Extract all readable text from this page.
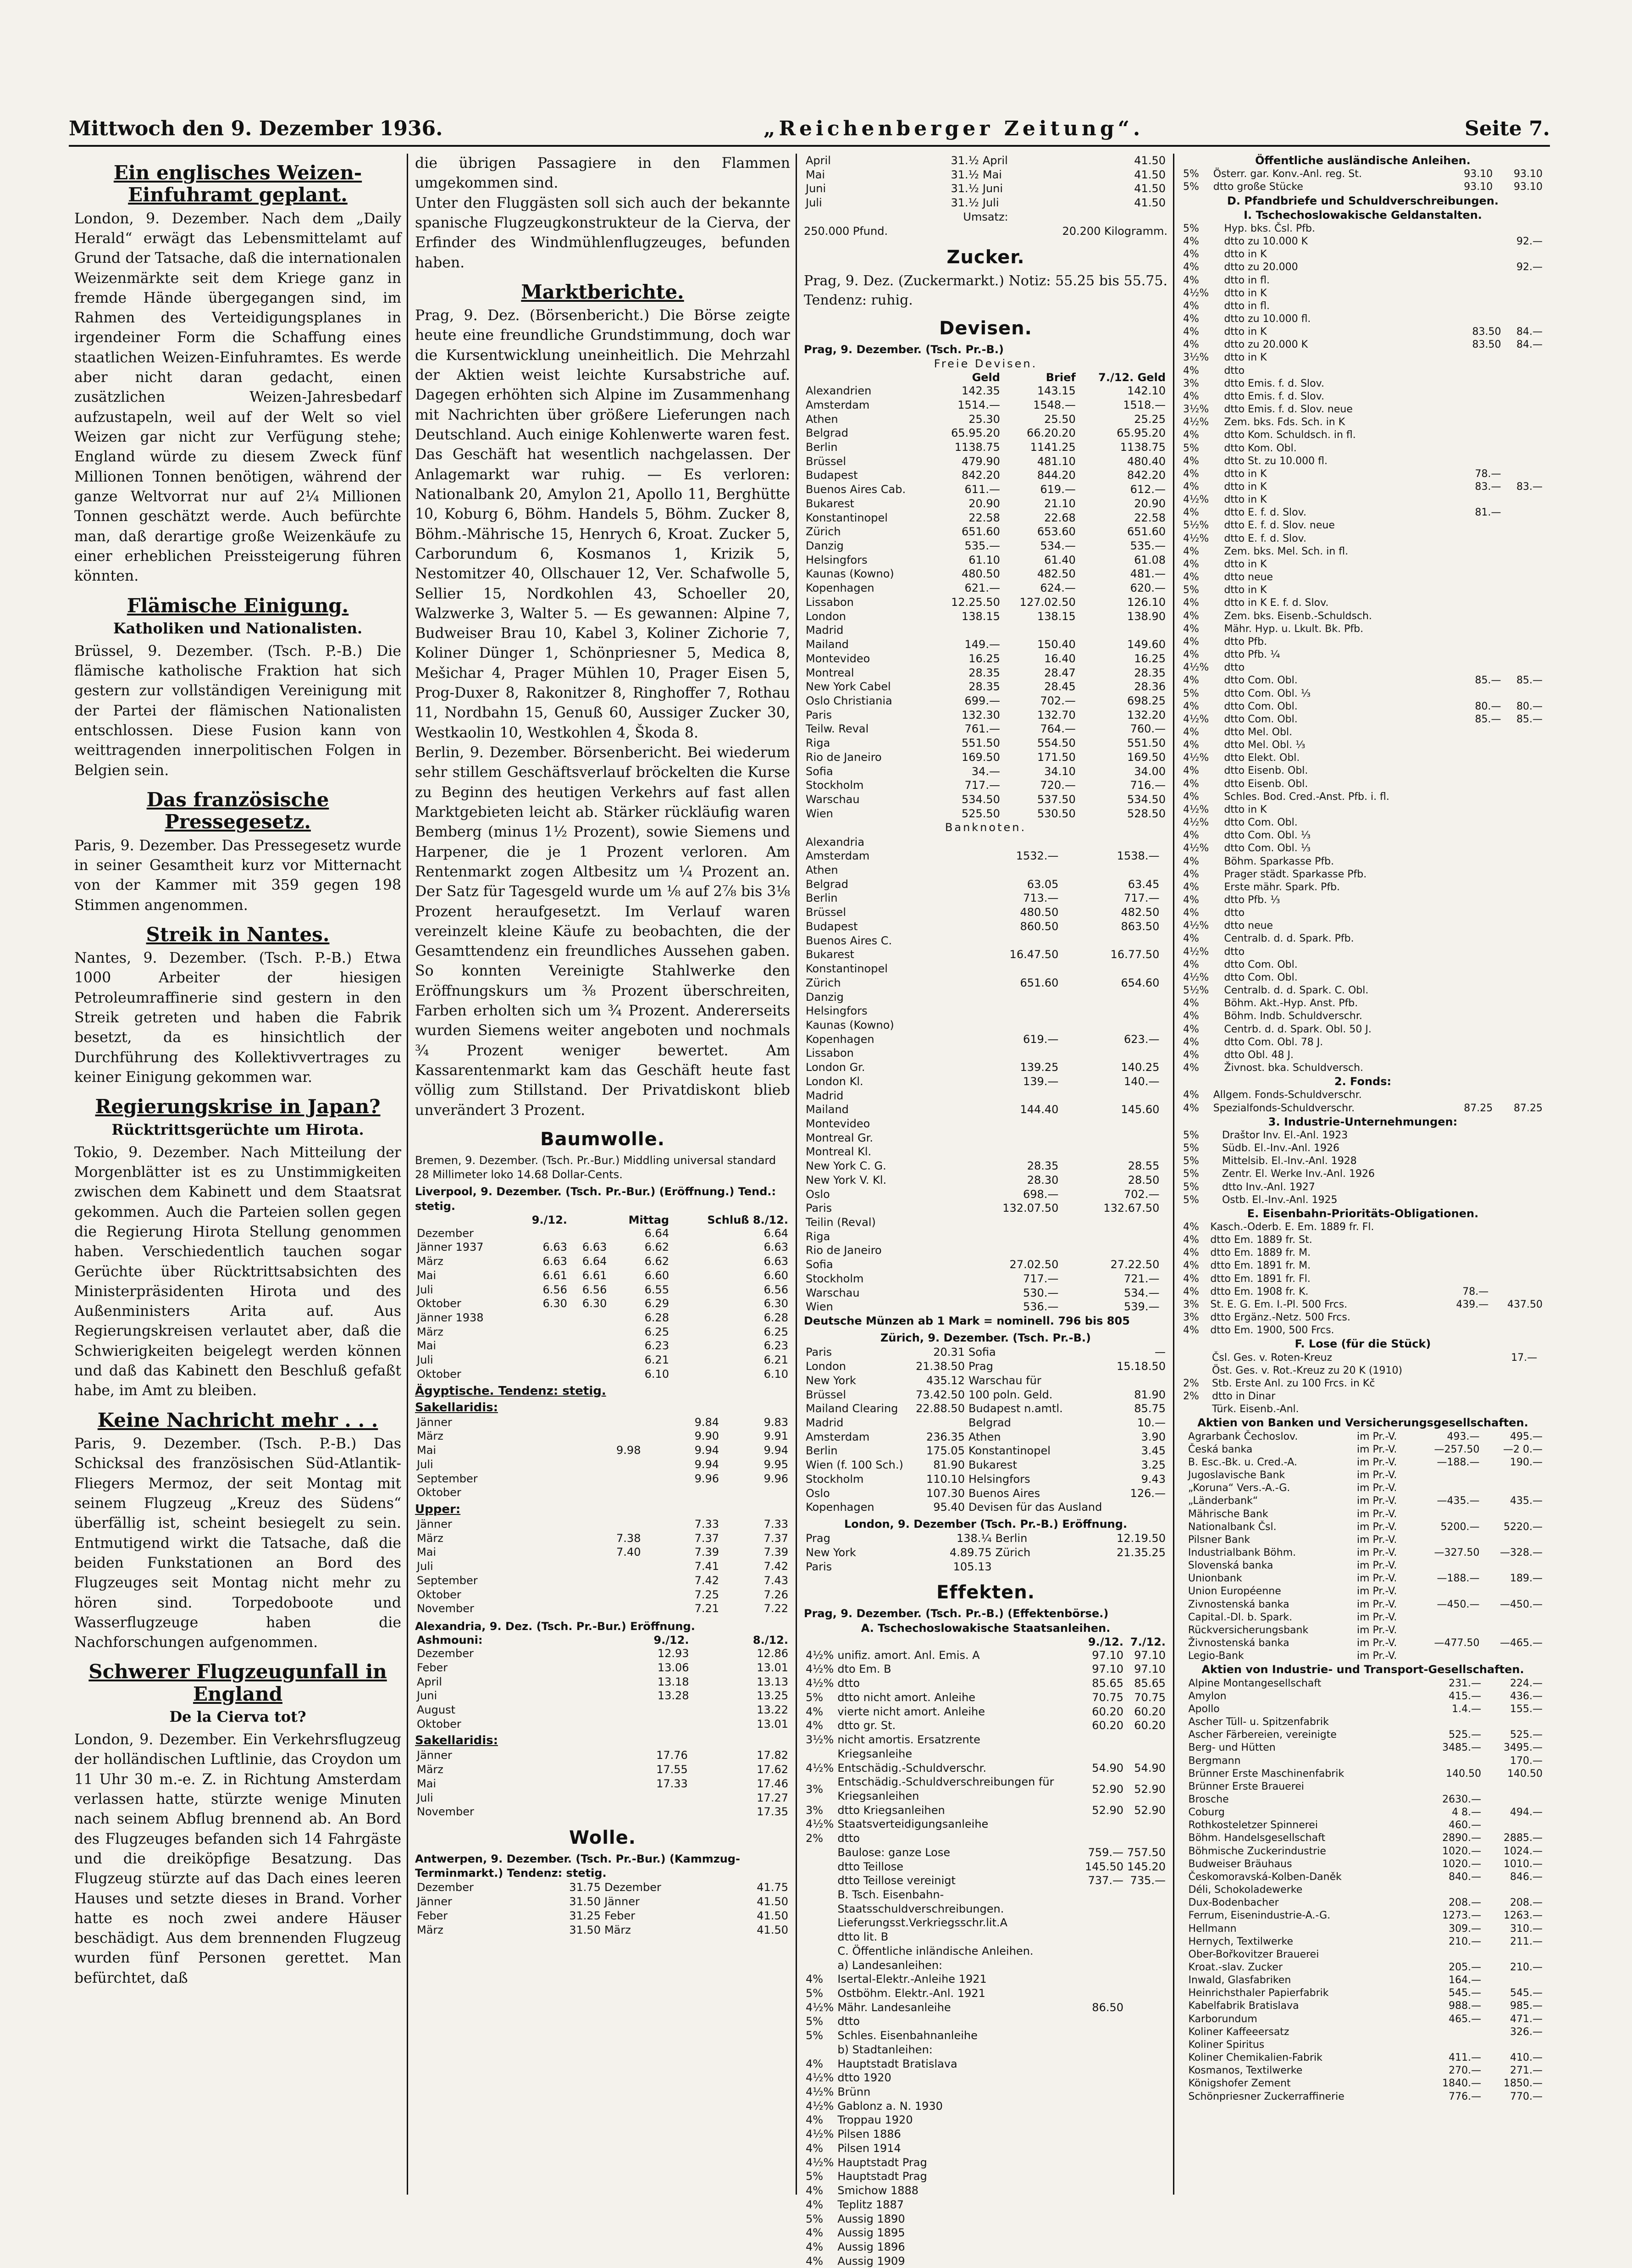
Mittwoch den 9. Dezember 1936.	„Reichenberger Zeitung“.	Seite 7.
Ein englisches Weizen-Einfuhramt geplant.

London, 9. Dezember. Nach dem „Daily Herald“ erwägt das Lebensmittelamt auf Grund der Tatsache, daß die internationalen Weizenmärkte seit dem Kriege ganz in fremde Hände übergegangen sind, im Rahmen des Verteidigungsplanes in irgendeiner Form die Schaffung eines staatlichen Weizen-Einfuhramtes. Es werde aber nicht daran gedacht, einen zusätzlichen Weizen-Jahresbedarf aufzustapeln, weil auf der Welt so viel Weizen gar nicht zur Verfügung stehe; England würde zu diesem Zweck fünf Millionen Tonnen benötigen, während der ganze Weltvorrat nur auf 2¼ Millionen Tonnen geschätzt werde. Auch befürchte man, daß derartige große Weizenkäufe zu einer erheblichen Preissteigerung führen könnten.

Flämische Einigung.
Katholiken und Nationalisten.

Brüssel, 9. Dezember. (Tsch. P.-B.) Die flämische katholische Fraktion hat sich gestern zur vollständigen Vereinigung mit der Partei der flämischen Nationalisten entschlossen. Diese Fusion kann von weittragenden innerpolitischen Folgen in Belgien sein.

Das französische Pressegesetz.

Paris, 9. Dezember. Das Pressegesetz wurde in seiner Gesamtheit kurz vor Mitternacht von der Kammer mit 359 gegen 198 Stimmen angenommen.

Streik in Nantes.

Nantes, 9. Dezember. (Tsch. P.-B.) Etwa 1000 Arbeiter der hiesigen Petroleumraffinerie sind gestern in den Streik getreten und haben die Fabrik besetzt, da es hinsichtlich der Durchführung des Kollektivvertrages zu keiner Einigung gekommen war.

Regierungskrise in Japan?
Rücktrittsgerüchte um Hirota.

Tokio, 9. Dezember. Nach Mitteilung der Morgenblätter ist es zu Unstimmigkeiten zwischen dem Kabinett und dem Staatsrat gekommen. Auch die Parteien sollen gegen die Regierung Hirota Stellung genommen haben. Verschiedentlich tauchen sogar Gerüchte über Rücktrittsabsichten des Ministerpräsidenten Hirota und des Außenministers Arita auf. Aus Regierungskreisen verlautet aber, daß die Schwierigkeiten beigelegt werden können und daß das Kabinett den Beschluß gefaßt habe, im Amt zu bleiben.

Keine Nachricht mehr . . .

Paris, 9. Dezember. (Tsch. P.-B.) Das Schicksal des französischen Süd-Atlantik-Fliegers Mermoz, der seit Montag mit seinem Flugzeug „Kreuz des Südens“ überfällig ist, scheint besiegelt zu sein. Entmutigend wirkt die Tatsache, daß die beiden Funkstationen an Bord des Flugzeuges seit Montag nicht mehr zu hören sind. Torpedoboote und Wasserflugzeuge haben die Nachforschungen aufgenommen.

Schwerer Flugzeugunfall in England
De la Cierva tot?

London, 9. Dezember. Ein Verkehrsflugzeug der holländischen Luftlinie, das Croydon um 11 Uhr 30 m.-e. Z. in Richtung Amsterdam verlassen hatte, stürzte wenige Minuten nach seinem Abflug brennend ab. An Bord des Flugzeuges befanden sich 14 Fahrgäste und die dreiköpfige Besatzung. Das Flugzeug stürzte auf das Dach eines leeren Hauses und setzte dieses in Brand. Vorher hatte es noch zwei andere Häuser beschädigt. Aus dem brennenden Flugzeug wurden fünf Personen gerettet. Man befürchtet, daß

die übrigen Passagiere in den Flammen umgekommen sind.
Unter den Fluggästen soll sich auch der bekannte spanische Flugzeugkonstrukteur de la Cierva, der Erfinder des Windmühlenflugzeuges, befunden haben.

Marktberichte.

Prag, 9. Dez. (Börsenbericht.) Die Börse zeigte heute eine freundliche Grundstimmung, doch war die Kursentwicklung uneinheitlich. Die Mehrzahl der Aktien weist leichte Kursabstriche auf. Dagegen erhöhten sich Alpine im Zusammenhang mit Nachrichten über größere Lieferungen nach Deutschland. Auch einige Kohlenwerte waren fest. Das Geschäft hat wesentlich nachgelassen. Der Anlagemarkt war ruhig. — Es verloren: Nationalbank 20, Amylon 21, Apollo 11, Berghütte 10, Koburg 6, Böhm. Handels 5, Böhm. Zucker 8, Böhm.-Mährische 15, Henrych 6, Kroat. Zucker 5, Carborundum 6, Kosmanos 1, Krizik 5, Nestomitzer 40, Ollschauer 12, Ver. Schafwolle 5, Sellier 15, Nordkohlen 43, Schoeller 20, Walzwerke 3, Walter 5. — Es gewannen: Alpine 7, Budweiser Brau 10, Kabel 3, Koliner Zichorie 7, Koliner Dünger 1, Schönpriesner 5, Medica 8, Mešichar 4, Prager Mühlen 10, Prager Eisen 5, Prog-Duxer 8, Rakonitzer 8, Ringhoffer 7, Rothau 11, Nordbahn 15, Genuß 60, Aussiger Zucker 30, Westkaolin 10, Westkohlen 4, Škoda 8.

Berlin, 9. Dezember. Börsenbericht. Bei wiederum sehr stillem Geschäftsverlauf bröckelten die Kurse zu Beginn des heutigen Verkehrs auf fast allen Marktgebieten leicht ab. Stärker rückläufig waren Bemberg (minus 1½ Prozent), sowie Siemens und Harpener, die je 1 Prozent verloren. Am Rentenmarkt zogen Altbesitz um ¼ Prozent an. Der Satz für Tagesgeld wurde um ⅛ auf 2⅞ bis 3⅛ Prozent heraufgesetzt. Im Verlauf waren vereinzelt kleine Käufe zu beobachten, die der Gesamttendenz ein freundliches Aussehen gaben. So konnten Vereinigte Stahlwerke den Eröffnungskurs um ⅜ Prozent überschreiten, Farben erholten sich um ¾ Prozent. Andererseits wurden Siemens weiter angeboten und nochmals ¾ Prozent weniger bewertet. Am Kassarentenmarkt kam das Geschäft heute fast völlig zum Stillstand. Der Privatdiskont blieb unverändert 3 Prozent.

Baumwolle.
Bremen, 9. Dezember. (Tsch. Pr.-Bur.) Middling universal standard 28 Millimeter loko 14.68 Dollar-Cents.
Liverpool, 9. Dezember. (Tsch. Pr.-Bur.) (Eröffnung.) Tend.: stetig.
	9./12.		Mittag	Schluß 8./12.
Dezember			6.64	6.64
Jänner 1937	6.63	6.63	6.62	6.63
März	6.63	6.64	6.62	6.63
Mai	6.61	6.61	6.60	6.60
Juli	6.56	6.56	6.55	6.56
Oktober	6.30	6.30	6.29	6.30
Jänner 1938			6.28	6.28
März			6.25	6.25
Mai			6.23	6.23
Juli			6.21	6.21
Oktober			6.10	6.10
Ägyptische. Tendenz: stetig.
Sakellaridis:
Jänner			9.84	9.83
März			9.90	9.91
Mai	9.98		9.94	9.94
Juli			9.94	9.95
September			9.96	9.96
Oktober				
Upper:
Jänner			7.33	7.33
März	7.38		7.37	7.37
Mai	7.40		7.39	7.39
Juli			7.41	7.42
September			7.42	7.43
Oktober			7.25	7.26
November			7.21	7.22
Alexandria, 9. Dez. (Tsch. Pr.-Bur.) Eröffnung.
Ashmouni:	9./12.	8./12.
Dezember	12.93	12.86
Feber	13.06	13.01
April	13.18	13.13
Juni	13.28	13.25
August		13.22
Oktober		13.01
Sakellaridis:
Jänner	17.76	17.82
März	17.55	17.62
Mai	17.33	17.46
Juli		17.27
November		17.35
Wolle.
Antwerpen, 9. Dezember. (Tsch. Pr.-Bur.) (Kammzug-Terminmarkt.) Tendenz: stetig.
Dezember	31.75	Dezember	41.75
Jänner	31.50	Jänner	41.50
Feber	31.25	Feber	41.50
März	31.50	März	41.50
April	31.½	April	41.50
Mai	31.½	Mai	41.50
Juni	31.½	Juni	41.50
Juli	31.½	Juli	41.50
Umsatz:
250.000 Pfund.	20.200 Kilogramm.
Zucker.

Prag, 9. Dez. (Zuckermarkt.) Notiz: 55.25 bis 55.75. Tendenz: ruhig.

Devisen.
Prag, 9. Dezember. (Tsch. Pr.-B.)
Freie Devisen.
	Geld	Brief	7./12. Geld
Alexandrien	142.35	143.15	142.10
Amsterdam	1514.—	1548.—	1518.—
Athen	25.30	25.50	25.25
Belgrad	65.95.20	66.20.20	65.95.20
Berlin	1138.75	1141.25	1138.75
Brüssel	479.90	481.10	480.40
Budapest	842.20	844.20	842.20
Buenos Aires Cab.	611.—	619.—	612.—
Bukarest	20.90	21.10	20.90
Konstantinopel	22.58	22.68	22.58
Zürich	651.60	653.60	651.60
Danzig	535.—	534.—	535.—
Helsingfors	61.10	61.40	61.08
Kaunas (Kowno)	480.50	482.50	481.—
Kopenhagen	621.—	624.—	620.—
Lissabon	12.25.50	127.02.50	126.10
London	138.15	138.15	138.90
Madrid			
Mailand	149.—	150.40	149.60
Montevideo	16.25	16.40	16.25
Montreal	28.35	28.47	28.35
New York Cabel	28.35	28.45	28.36
Oslo Christiania	699.—	702.—	698.25
Paris	132.30	132.70	132.20
Teilw. Reval	761.—	764.—	760.—
Riga	551.50	554.50	551.50
Rio de Janeiro	169.50	171.50	169.50
Sofia	34.—	34.10	34.00
Stockholm	717.—	720.—	716.—
Warschau	534.50	537.50	534.50
Wien	525.50	530.50	528.50
Banknoten.
Alexandria			
Amsterdam	1532.—	1538.—	
Athen			
Belgrad	63.05	63.45	
Berlin	713.—	717.—	
Brüssel	480.50	482.50	
Budapest	860.50	863.50	
Buenos Aires C.			
Bukarest	16.47.50	16.77.50	
Konstantinopel			
Zürich	651.60	654.60	
Danzig			
Helsingfors			
Kaunas (Kowno)			
Kopenhagen	619.—	623.—	
Lissabon			
London Gr.	139.25	140.25	
London Kl.	139.—	140.—	
Madrid			
Mailand	144.40	145.60	
Montevideo			
Montreal Gr.			
Montreal Kl.			
New York C. G.	28.35	28.55	
New York V. Kl.	28.30	28.50	
Oslo	698.—	702.—	
Paris	132.07.50	132.67.50	
Teilin (Reval)			
Riga			
Rio de Janeiro			
Sofia	27.02.50	27.22.50	
Stockholm	717.—	721.—	
Warschau	530.—	534.—	
Wien	536.—	539.—	
Deutsche Münzen ab 1 Mark = nominell. 796 bis 805
Zürich, 9. Dezember. (Tsch. Pr.-B.)
Paris	20.31	Sofia	—
London	21.38.50	Prag	15.18.50
New York	435.12	Warschau für	
Brüssel	73.42.50	100 poln. Geld.	81.90
Mailand Clearing	22.88.50	Budapest n.amtl.	85.75
Madrid		Belgrad	10.—
Amsterdam	236.35	Athen	3.90
Berlin	175.05	Konstantinopel	3.45
Wien (f. 100 Sch.)	81.90	Bukarest	3.25
Stockholm	110.10	Helsingfors	9.43
Oslo	107.30	Buenos Aires	126.—
Kopenhagen	95.40	Devisen für das Ausland	
London, 9. Dezember (Tsch. Pr.-B.) Eröffnung.
Prag	138.¼	Berlin	12.19.50
New York	4.89.75	Zürich	21.35.25
Paris	105.13		
Effekten.
Prag, 9. Dezember. (Tsch. Pr.-B.) (Effektenbörse.)
A. Tschechoslowakische Staatsanleihen.
		9./12.	7./12.
4½%	unifiz. amort. Anl. Emis. A	97.10	97.10
4½%	dto Em. B	97.10	97.10
4½%	dtto	85.65	85.65
5%	dtto nicht amort. Anleihe	70.75	70.75
4%	vierte nicht amort. Anleihe	60.20	60.20
4%	dtto gr. St.	60.20	60.20
3½%	nicht amortis. Ersatzrente		
	Kriegsanleihe		
4½%	Entschädig.-Schuldverschr.	54.90	54.90
3%	Entschädig.-Schuldverschreibungen für Kriegsanleihen	52.90	52.90
3%	dtto Kriegsanleihen	52.90	52.90
4½%	Staatsverteidigungsanleihe		
2%	dtto		
	Baulose: ganze Lose	759.—	757.50
	dtto Teillose	145.50	145.20
	dtto Teillose vereinigt	737.—	735.—
	B. Tsch. Eisenbahn-Staatsschuldverschreibungen.		
	Lieferungsst.Verkriegsschr.lit.A		
	dtto lit. B		
	C. Öffentliche inländische Anleihen.		
	a) Landesanleihen:		
4%	Isertal-Elektr.-Anleihe 1921		
5%	Ostböhm. Elektr.-Anl. 1921		
4½%	Mähr. Landesanleihe	86.50	
5%	dtto		
5%	Schles. Eisenbahnanleihe		
	b) Stadtanleihen:		
4%	Hauptstadt Bratislava		
4½%	dtto 1920		
4½%	Brünn		
4½%	Gablonz a. N. 1930		
4%	Troppau 1920		
4½%	Pilsen 1886		
4%	Pilsen 1914		
4½%	Hauptstadt Prag		
5%	Hauptstadt Prag		
4%	Smichow 1888		
4%	Teplitz 1887		
5%	Aussig 1890		
4%	Aussig 1895		
4%	Aussig 1896		
4%	Aussig 1909		
Öffentliche ausländische Anleihen.
5%	Österr. gar. Konv.-Anl. reg. St.	93.10	93.10
5%	dtto große Stücke	93.10	93.10
D. Pfandbriefe und Schuldverschreibungen.
I. Tschechoslowakische Geldanstalten.
5%	Hyp. bks. Čsl. Pfb.		
4%	dtto zu 10.000 K		92.—
4%	dtto in K		
4%	dtto zu 20.000		92.—
4%	dtto in fl.		
4½%	dtto in K		
4%	dtto in fl.		
4%	dtto zu 10.000 fl.		
4%	dtto in K	83.50	84.—
4%	dtto zu 20.000 K	83.50	84.—
3½%	dtto in K		
4%	dtto		
3%	dtto Emis. f. d. Slov.		
4%	dtto Emis. f. d. Slov.		
3½%	dtto Emis. f. d. Slov. neue		
4½%	Zem. bks. Fds. Sch. in K		
4%	dtto Kom. Schuldsch. in fl.		
5%	dtto Kom. Obl.		
4%	dtto St. zu 10.000 fl.		
4%	dtto in K	78.—	
4%	dtto in K	83.—	83.—
4½%	dtto in K		
4%	dtto E. f. d. Slov.	81.—	
5½%	dtto E. f. d. Slov. neue		
4½%	dtto E. f. d. Slov.		
4%	Zem. bks. Mel. Sch. in fl.		
4%	dtto in K		
4%	dtto neue		
5%	dtto in K		
4%	dtto in K E. f. d. Slov.		
4%	Zem. bks. Eisenb.-Schuldsch.		
4%	Mähr. Hyp. u. Lkult. Bk. Pfb.		
4%	dtto Pfb.		
4%	dtto Pfb. ¼		
4½%	dtto		
4%	dtto Com. Obl.	85.—	85.—
5%	dtto Com. Obl. ⅓		
4%	dtto Com. Obl.	80.—	80.—
4½%	dtto Com. Obl.	85.—	85.—
4%	dtto Mel. Obl.		
4%	dtto Mel. Obl. ⅓		
4½%	dtto Elekt. Obl.		
4%	dtto Eisenb. Obl.		
4%	dtto Eisenb. Obl.		
4%	Schles. Bod. Cred.-Anst. Pfb. i. fl.		
4½%	dtto in K		
4½%	dtto Com. Obl.		
4%	dtto Com. Obl. ⅓		
4½%	dtto Com. Obl. ⅓		
4%	Böhm. Sparkasse Pfb.		
4%	Prager städt. Sparkasse Pfb.		
4%	Erste mähr. Spark. Pfb.		
4%	dtto Pfb. ⅓		
4%	dtto		
4½%	dtto neue		
4%	Centralb. d. d. Spark. Pfb.		
4½%	dtto		
4%	dtto Com. Obl.		
4½%	dtto Com. Obl.		
5½%	Centralb. d. d. Spark. C. Obl.		
4%	Böhm. Akt.-Hyp. Anst. Pfb.		
4%	Böhm. Indb. Schuldverschr.		
4%	Centrb. d. d. Spark. Obl. 50 J.		
4%	dtto Com. Obl. 78 J.		
4%	dtto Obl. 48 J.		
4%	Živnost. bka. Schuldversch.		
2. Fonds:
4%	Allgem. Fonds-Schuldverschr.		
4%	Spezialfonds-Schuldverschr.	87.25	87.25
3. Industrie-Unternehmungen:
5%	Draštor Inv. El.-Anl. 1923		
5%	Südb. El.-Inv.-Anl. 1926		
5%	Mittelsib. El.-Inv.-Anl. 1928		
5%	Zentr. El. Werke Inv.-Anl. 1926		
5%	dtto Inv.-Anl. 1927		
5%	Ostb. El.-Inv.-Anl. 1925		
E. Eisenbahn-Prioritäts-Obligationen.
4%	Kasch.-Oderb. E. Em. 1889 fr. Fl.		
4%	dtto Em. 1889 fr. St.		
4%	dtto Em. 1889 fr. M.		
4%	dtto Em. 1891 fr. M.		
4%	dtto Em. 1891 fr. Fl.		
4%	dtto Em. 1908 fr. K.	78.—	
3%	St. E. G. Em. I.-Pl. 500 Frcs.	439.—	437.50
3%	dtto Ergänz.-Netz. 500 Frcs.		
4%	dtto Em. 1900, 500 Frcs.		
F. Lose (für die Stück)
	Čsl. Ges. v. Roten-Kreuz	17.—	
	Öst. Ges. v. Rot.-Kreuz zu 20 K (1910)		
2%	Stb. Erste Anl. zu 100 Frcs. in Kč		
2%	dtto in Dinar		
	Türk. Eisenb.-Anl.		
Aktien von Banken und Versicherungsgesellschaften.
	Agrarbank Čechoslov.	im Pr.-V.	493.—	495.—
	Česká banka	im Pr.-V.	—257.50	—2 0.—
	B. Esc.-Bk. u. Cred.-A.	im Pr.-V.	—188.—	190.—
	Jugoslavische Bank	im Pr.-V.		
	„Koruna“ Vers.-A.-G.	im Pr.-V.		
	„Länderbank“	im Pr.-V.	—435.—	435.—
	Mährische Bank	im Pr.-V.		
	Nationalbank Čsl.	im Pr.-V.	5200.—	5220.—
	Pilsner Bank	im Pr.-V.		
	Industrialbank Böhm.	im Pr.-V.	—327.50	—328.—
	Slovenská banka	im Pr.-V.		
	Unionbank	im Pr.-V.	—188.—	189.—
	Union Européenne	im Pr.-V.		
	Zivnostenská banka	im Pr.-V.	—450.—	—450.—
	Capital.-Dl. b. Spark.	im Pr.-V.		
	Rückversicherungsbank	im Pr.-V.		
	Živnostenská banka	im Pr.-V.	—477.50	—465.—
	Legio-Bank	im Pr.-V.		
Aktien von Industrie- und Transport-Gesellschaften.
	Alpine Montangesellschaft		231.—	224.—
	Amylon		415.—	436.—
	Apollo		1.4.—	155.—
	Ascher Tüll- u. Spitzenfabrik			
	Ascher Färbereien, vereinigte		525.—	525.—
	Berg- und Hütten		3485.—	3495.—
	Bergmann			170.—
	Brünner Erste Maschinenfabrik		140.50	140.50
	Brünner Erste Brauerei			
	Brosche		2630.—	
	Coburg		4 8.—	494.—
	Rothkosteletzer Spinnerei		460.—	
	Böhm. Handelsgesellschaft		2890.—	2885.—
	Böhmische Zuckerindustrie		1020.—	1024.—
	Budweiser Bräuhaus		1020.—	1010.—
	Českomoravská-Kolben-Daněk		840.—	846.—
	Déli, Schokoladewerke			
	Dux-Bodenbacher		208.—	208.—
	Ferrum, Eisenindustrie-A.-G.		1273.—	1263.—
	Hellmann		309.—	310.—
	Hernych, Textilwerke		210.—	211.—
	Ober-Bořkovitzer Brauerei			
	Kroat.-slav. Zucker		205.—	210.—
	Inwald, Glasfabriken		164.—	
	Heinrichsthaler Papierfabrik		545.—	545.—
	Kabelfabrik Bratislava		988.—	985.—
	Karborundum		465.—	471.—
	Koliner Kaffeeersatz			326.—
	Koliner Spiritus			
	Koliner Chemikalien-Fabrik		411.—	410.—
	Kosmanos, Textilwerke		270.—	271.—
	Königshofer Zement		1840.—	1850.—
	Schönpriesner Zuckerraffinerie		776.—	770.—
